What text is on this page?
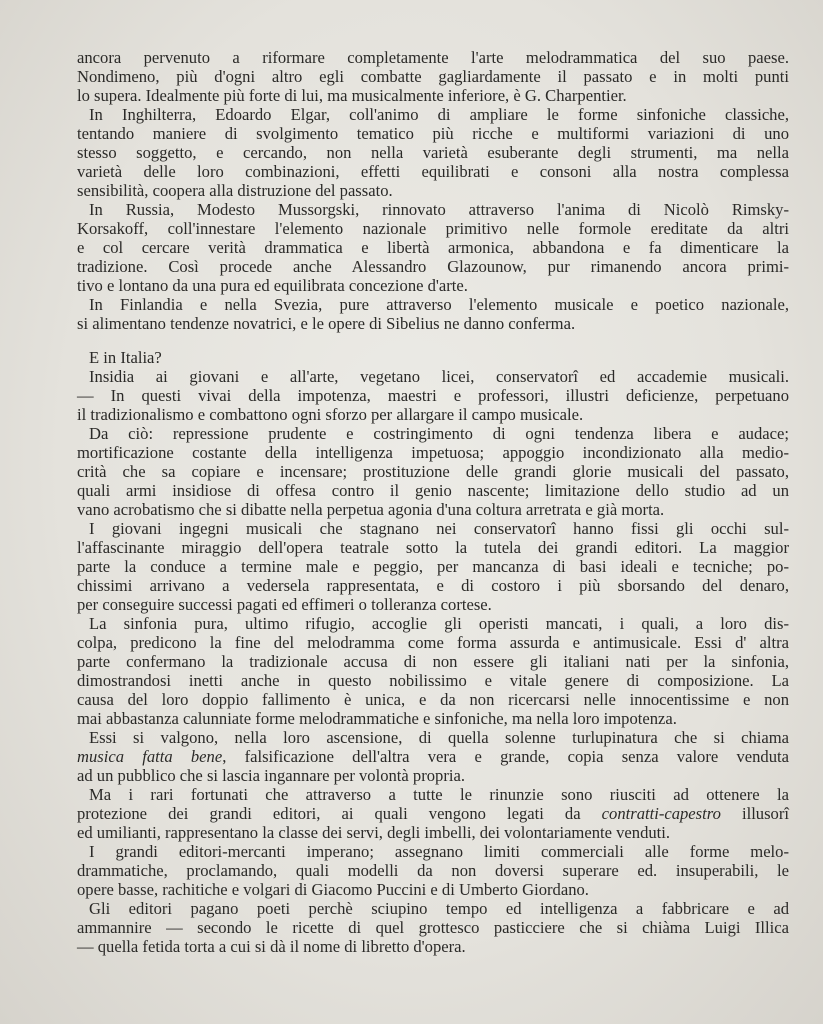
ancora pervenuto a riformare completamente l'arte melodrammatica del suo paese.
Nondimeno, più d'ogni altro egli combatte gagliardamente il passato e in molti punti
lo supera. Idealmente più forte di lui, ma musicalmente inferiore, è G. Charpentier.
In Inghilterra, Edoardo Elgar, coll'animo di ampliare le forme sinfoniche classiche,
tentando maniere di svolgimento tematico più ricche e multiformi variazioni di uno
stesso soggetto, e cercando, non nella varietà esuberante degli strumenti, ma nella
varietà delle loro combinazioni, effetti equilibrati e consoni alla nostra complessa
sensibilità, coopera alla distruzione del passato.
In Russia, Modesto Mussorgski, rinnovato attraverso l'anima di Nicolò Rimsky-
Korsakoff, coll'innestare l'elemento nazionale primitivo nelle formole ereditate da altri
e col cercare verità drammatica e libertà armonica, abbandona e fa dimenticare la
tradizione. Così procede anche Alessandro Glazounow, pur rimanendo ancora primi-
tivo e lontano da una pura ed equilibrata concezione d'arte.
In Finlandia e nella Svezia, pure attraverso l'elemento musicale e poetico nazionale,
si alimentano tendenze novatrici, e le opere di Sibelius ne danno conferma.
E in Italia?
Insidia ai giovani e all'arte, vegetano licei, conservatorî ed accademie musicali.
— In questi vivai della impotenza, maestri e professori, illustri deficienze, perpetuano
il tradizionalismo e combattono ogni sforzo per allargare il campo musicale.
Da ciò: repressione prudente e costringimento di ogni tendenza libera e audace;
mortificazione costante della intelligenza impetuosa; appoggio incondizionato alla medio-
crità che sa copiare e incensare; prostituzione delle grandi glorie musicali del passato,
quali armi insidiose di offesa contro il genio nascente; limitazione dello studio ad un
vano acrobatismo che si dibatte nella perpetua agonia d'una coltura arretrata e già morta.
I giovani ingegni musicali che stagnano nei conservatorî hanno fissi gli occhi sul-
l'affascinante miraggio dell'opera teatrale sotto la tutela dei grandi editori. La maggior
parte la conduce a termine male e peggio, per mancanza di basi ideali e tecniche; po-
chissimi arrivano a vedersela rappresentata, e di costoro i più sborsando del denaro,
per conseguire successi pagati ed effimeri o tolleranza cortese.
La sinfonia pura, ultimo rifugio, accoglie gli operisti mancati, i quali, a loro dis-
colpa, predicono la fine del melodramma come forma assurda e antimusicale. Essi d' altra
parte confermano la tradizionale accusa di non essere gli italiani nati per la sinfonia,
dimostrandosi inetti anche in questo nobilissimo e vitale genere di composizione. La
causa del loro doppio fallimento è unica, e da non ricercarsi nelle innocentissime e non
mai abbastanza calunniate forme melodrammatiche e sinfoniche, ma nella loro impotenza.
Essi si valgono, nella loro ascensione, di quella solenne turlupinatura che si chiama
musica fatta bene, falsificazione dell'altra vera e grande, copia senza valore venduta
ad un pubblico che si lascia ingannare per volontà propria.
Ma i rari fortunati che attraverso a tutte le rinunzie sono riusciti ad ottenere la
protezione dei grandi editori, ai quali vengono legati da contratti-capestro illusorî
ed umilianti, rappresentano la classe dei servi, degli imbelli, dei volontariamente venduti.
I grandi editori-mercanti imperano; assegnano limiti commerciali alle forme melo-
drammatiche, proclamando, quali modelli da non doversi superare ed. insuperabili, le
opere basse, rachitiche e volgari di Giacomo Puccini e di Umberto Giordano.
Gli editori pagano poeti perchè sciupino tempo ed intelligenza a fabbricare e ad
ammannire — secondo le ricette di quel grottesco pasticciere che si chiàma Luigi Illica
— quella fetida torta a cui si dà il nome di libretto d'opera.
